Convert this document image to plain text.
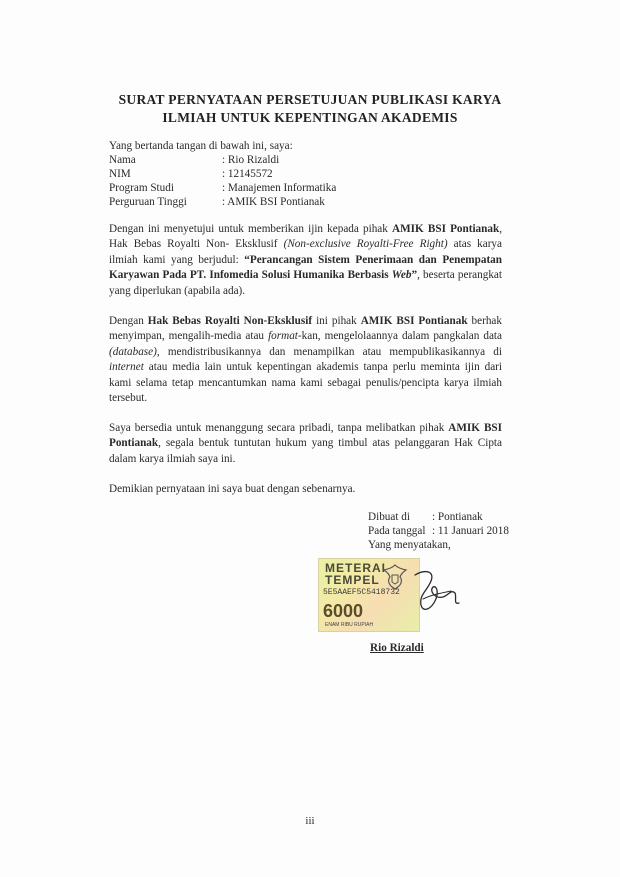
SURAT PERNYATAAN PERSETUJUAN PUBLIKASI KARYA
ILMIAH UNTUK KEPENTINGAN AKADEMIS
Yang bertanda tangan di bawah ini, saya:
Nama	: Rio Rizaldi
NIM	: 12145572
Program Studi	: Manajemen Informatika
Perguruan Tinggi	: AMIK BSI Pontianak

Dengan ini menyetujui untuk memberikan ijin kepada pihak AMIK BSI Pontianak, Hak Bebas Royalti Non- Eksklusif (Non-exclusive Royalti-Free Right) atas karya ilmiah kami yang berjudul: “Perancangan Sistem Penerimaan dan Penempatan Karyawan Pada PT. Infomedia Solusi Humanika Berbasis Web”, beserta perangkat yang diperlukan (apabila ada).

Dengan Hak Bebas Royalti Non-Eksklusif ini pihak AMIK BSI Pontianak berhak menyimpan, mengalih-media atau format-kan, mengelolaannya dalam pangkalan data (database), mendistribusikannya dan menampilkan atau mempublikasikannya di internet atau media lain untuk kepentingan akademis tanpa perlu meminta ijin dari kami selama tetap mencantumkan nama kami sebagai penulis/pencipta karya ilmiah tersebut.

Saya bersedia untuk menanggung secara pribadi, tanpa melibatkan pihak AMIK BSI Pontianak, segala bentuk tuntutan hukum yang timbul atas pelanggaran Hak Cipta dalam karya ilmiah saya ini.

Demikian pernyataan ini saya buat dengan sebenarnya.
Dibuat di : Pontianak
Pada tanggal : 11 Januari 2018
Yang menyatakan,
METERAI
TEMPEL
5E5AAEF5C5418732
6000
ENAM RIBU RUPIAH
Rio Rizaldi
iii
